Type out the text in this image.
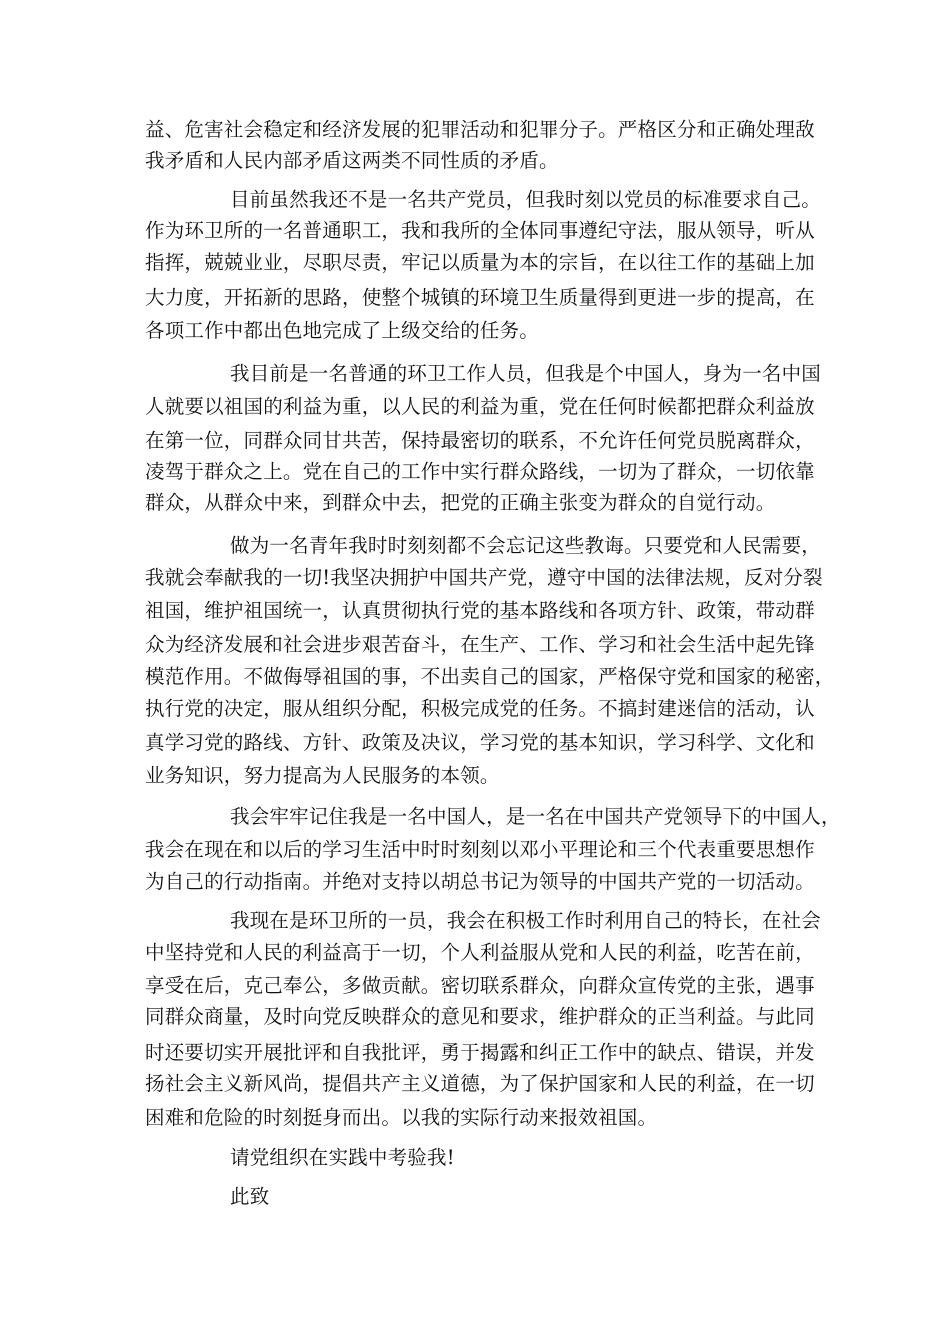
益、危害社会稳定和经济发展的犯罪活动和犯罪分子。严格区分和正确处理敌
我矛盾和人民内部矛盾这两类不同性质的矛盾。
目前虽然我还不是一名共产党员，但我时刻以党员的标准要求自己。
作为环卫所的一名普通职工，我和我所的全体同事遵纪守法，服从领导，听从
指挥，兢兢业业，尽职尽责，牢记以质量为本的宗旨，在以往工作的基础上加
大力度，开拓新的思路，使整个城镇的环境卫生质量得到更进一步的提高，在
各项工作中都出色地完成了上级交给的任务。
我目前是一名普通的环卫工作人员，但我是个中国人，身为一名中国
人就要以祖国的利益为重，以人民的利益为重，党在任何时候都把群众利益放
在第一位，同群众同甘共苦，保持最密切的联系，不允许任何党员脱离群众，
凌驾于群众之上。党在自己的工作中实行群众路线，一切为了群众，一切依靠
群众，从群众中来，到群众中去，把党的正确主张变为群众的自觉行动。
做为一名青年我时时刻刻都不会忘记这些教诲。只要党和人民需要，
我就会奉献我的一切!我坚决拥护中国共产党，遵守中国的法律法规，反对分裂
祖国，维护祖国统一，认真贯彻执行党的基本路线和各项方针、政策，带动群
众为经济发展和社会进步艰苦奋斗，在生产、工作、学习和社会生活中起先锋
模范作用。不做侮辱祖国的事，不出卖自己的国家，严格保守党和国家的秘密，
执行党的决定，服从组织分配，积极完成党的任务。不搞封建迷信的活动，认
真学习党的路线、方针、政策及决议，学习党的基本知识，学习科学、文化和
业务知识，努力提高为人民服务的本领。
我会牢牢记住我是一名中国人，是一名在中国共产党领导下的中国人，
我会在现在和以后的学习生活中时时刻刻以邓小平理论和三个代表重要思想作
为自己的行动指南。并绝对支持以胡总书记为领导的中国共产党的一切活动。
我现在是环卫所的一员，我会在积极工作时利用自己的特长，在社会
中坚持党和人民的利益高于一切，个人利益服从党和人民的利益，吃苦在前，
享受在后，克己奉公，多做贡献。密切联系群众，向群众宣传党的主张，遇事
同群众商量，及时向党反映群众的意见和要求，维护群众的正当利益。与此同
时还要切实开展批评和自我批评，勇于揭露和纠正工作中的缺点、错误，并发
扬社会主义新风尚，提倡共产主义道德，为了保护国家和人民的利益，在一切
困难和危险的时刻挺身而出。以我的实际行动来报效祖国。
请党组织在实践中考验我!
此致
